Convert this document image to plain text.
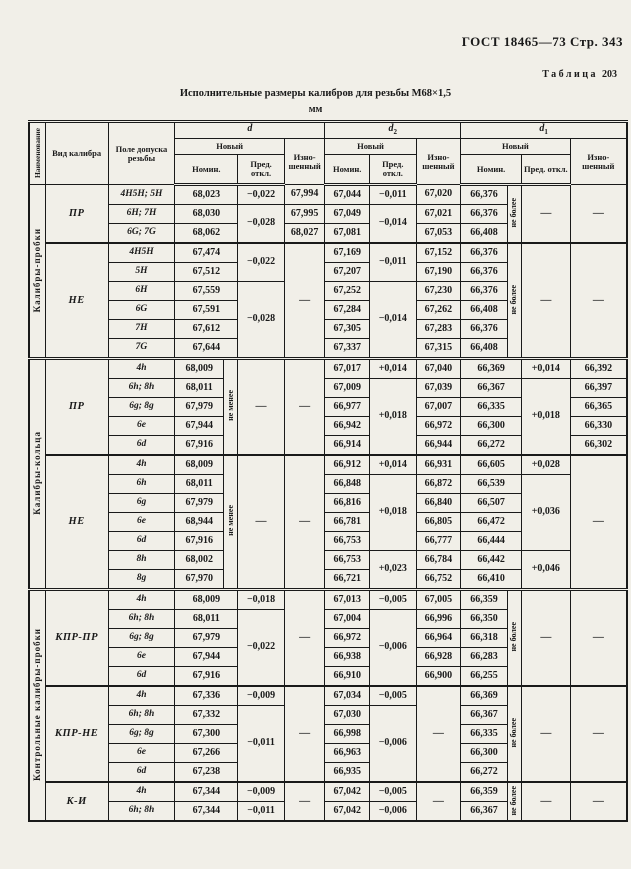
ГОСТ 18465—73 Стр. 343
Таблица 203
Исполнительные размеры калибров для резьбы М68×1,5
мм
Наименование	Вид калибра	Поле допуска резьбы	d				$d_2$			$d_1$
			Новый			Изно-шенный	Новый		Изно-шенный	Новый			Изно-шенный
			Номин.		Пред. откл.		Номин.	Пред. откл.		Номин.		Пред. откл.	
Калибры-пробки	ПР	4Н5Н; 5Н	68,023		−0,022	67,994	67,044	−0,011	67,020	66,376	не более	—	—
		6Н; 7Н	68,030		−0,028	67,995	67,049	−0,014	67,021	66,376			
		6G; 7G	68,062			68,027	67,081		67,053	66,408			
	НЕ	4Н5Н	67,474		−0,022	—	67,169	−0,011	67,152	66,376	не более	—	—
		5Н	67,512				67,207		67,190	66,376			
		6Н	67,559		−0,028		67,252	−0,014	67,230	66,376			
		6G	67,591				67,284		67,262	66,408			
		7Н	67,612				67,305		67,283	66,376			
		7G	67,644				67,337		67,315	66,408			
Калибры-кольца	ПР	4h	68,009	не менее	—	—	67,017	+0,014	67,040	66,369		+0,014	66,392
		6h; 8h	68,011				67,009	+0,018	67,039	66,367		+0,018	66,397
		6g; 8g	67,979				66,977		67,007	66,335			66,365
		6e	67,944				66,942		66,972	66,300			66,330
		6d	67,916				66,914		66,944	66,272			66,302
	НЕ	4h	68,009	не менее	—	—	66,912	+0,014	66,931	66,605		+0,028	—
		6h	68,011				66,848	+0,018	66,872	66,539		+0,036	
		6g	67,979				66,816		66,840	66,507			
		6e	68,944				66,781		66,805	66,472			
		6d	67,916				66,753		66,777	66,444			
		8h	68,002				66,753	+0,023	66,784	66,442		+0,046	
		8g	67,970				66,721		66,752	66,410			
Контрольные калибры-пробки	КПР-ПР	4h	68,009		−0,018	—	67,013	−0,005	67,005	66,359	не более	—	—
		6h; 8h	68,011		−0,022		67,004	−0,006	66,996	66,350			
		6g; 8g	67,979				66,972		66,964	66,318			
		6e	67,944				66,938		66,928	66,283			
		6d	67,916				66,910		66,900	66,255			
	КПР-НЕ	4h	67,336		−0,009	—	67,034	−0,005	—	66,369	не более	—	—
		6h; 8h	67,332		−0,011		67,030	−0,006		66,367			
		6g; 8g	67,300				66,998			66,335			
		6e	67,266				66,963			66,300			
		6d	67,238				66,935			66,272			
	К-И	4h	67,344		−0,009	—	67,042	−0,005	—	66,359	не более	—	—
		6h; 8h	67,344		−0,011		67,042	−0,006		66,367			
